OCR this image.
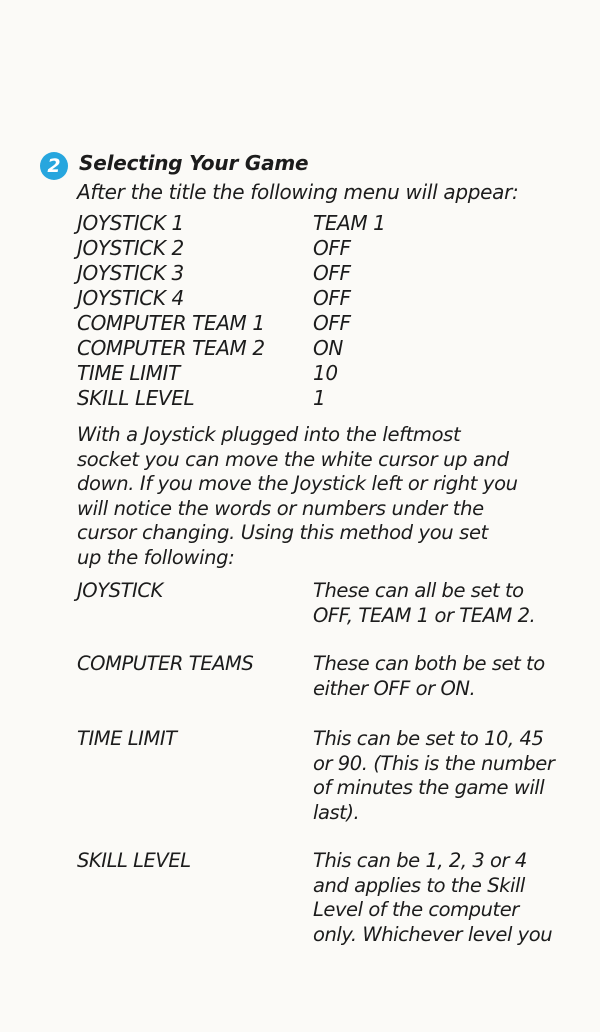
2 Selecting Your Game
After the title the following menu will appear:
JOYSTICK 1	TEAM 1
JOYSTICK 2	OFF
JOYSTICK 3	OFF
JOYSTICK 4	OFF
COMPUTER TEAM 1 OFF
COMPUTER TEAM 2 ON
TIME LIMIT	10
SKILL LEVEL	1
With a Joystick plugged into the leftmost
socket you can move the white cursor up and
down. If you move the Joystick left or right you
will notice the words or numbers under the
cursor changing. Using this method you set
up the following:
JOYSTICK	These can all be set to
OFF, TEAM 1 or TEAM 2.
COMPUTER TEAMS	These can both be set to
either OFF or ON.
TIME LIMIT	This can be set to 10, 45
or 90. (This is the number
of minutes the game will
last).
SKILL LEVEL	This can be 1, 2, 3 or 4
and applies to the Skill
Level of the computer
only. Whichever level you
